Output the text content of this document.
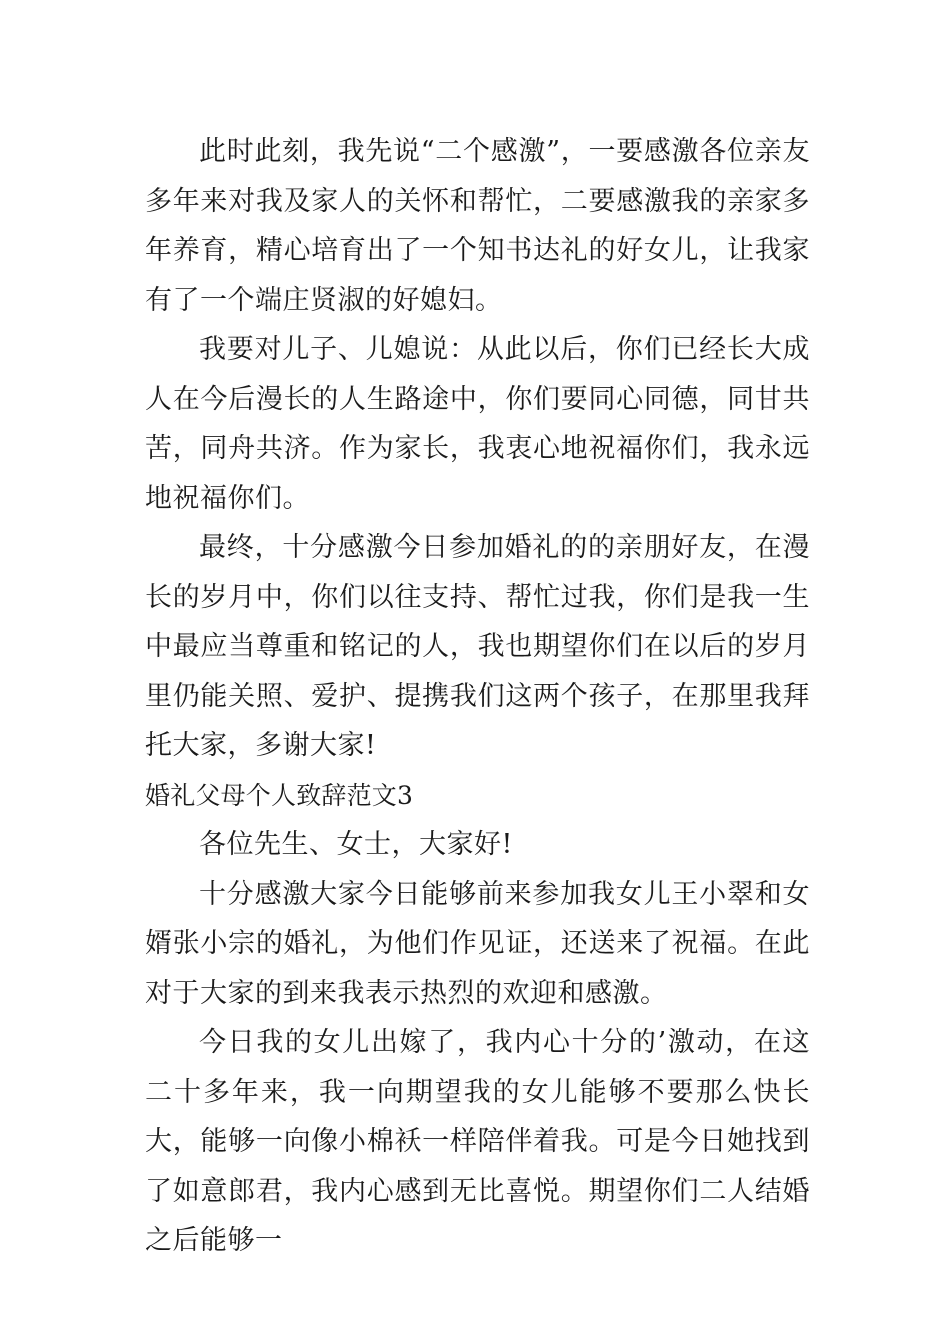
此时此刻，我先说“二个感激”，一要感激各位亲友多年来对我及家人的关怀和帮忙，二要感激我的亲家多年养育，精心培育出了一个知书达礼的好女儿，让我家有了一个端庄贤淑的好媳妇。

我要对儿子、儿媳说：从此以后，你们已经长大成人在今后漫长的人生路途中，你们要同心同德，同甘共苦，同舟共济。作为家长，我衷心地祝福你们，我永远地祝福你们。

最终，十分感激今日参加婚礼的的亲朋好友，在漫长的岁月中，你们以往支持、帮忙过我，你们是我一生中最应当尊重和铭记的人，我也期望你们在以后的岁月里仍能关照、爱护、提携我们这两个孩子，在那里我拜托大家，多谢大家!

婚礼父母个人致辞范文3

各位先生、女士，大家好!

十分感激大家今日能够前来参加我女儿王小翠和女婿张小宗的婚礼，为他们作见证，还送来了祝福。在此对于大家的到来我表示热烈的欢迎和感激。

今日我的女儿出嫁了，我内心十分的’激动，在这二十多年来，我一向期望我的女儿能够不要那么快长大，能够一向像小棉袄一样陪伴着我。可是今日她找到了如意郎君，我内心感到无比喜悦。期望你们二人结婚之后能够一
